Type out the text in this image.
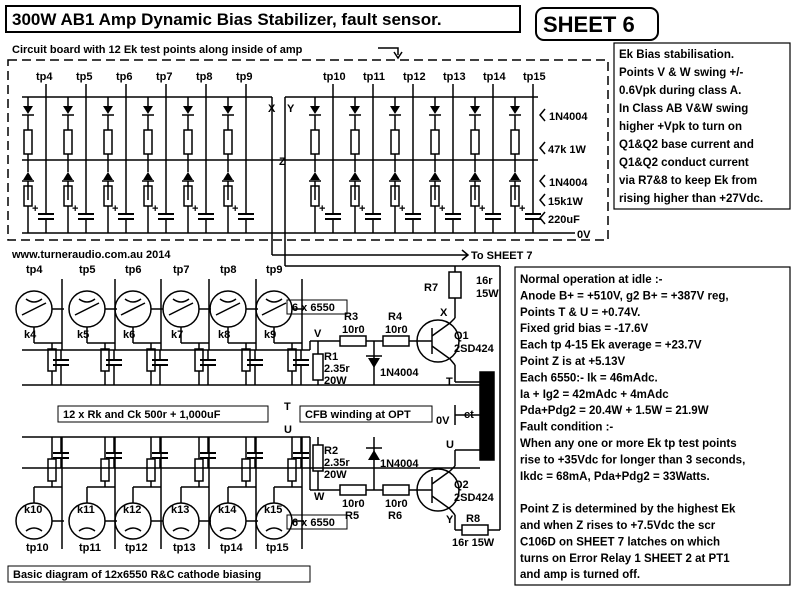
300W AB1 Amp Dynamic Bias Stabilizer, fault sensor.	SHEET 6
Circuit board with 12 Ek test points along inside of amp	Ek Bias stabilisation.
Points V & W swing +/-
0.6Vpk during class A.
In Class AB V&W swing
higher +Vpk to turn on
Q1&Q2 base current and
Q1&Q2 conduct current
via R7&8 to keep Ek from
rising higher than +27Vdc.
X Y
Z
0V
tp4
+
tp5
+
tp6
+
tp7
+
tp8
+
tp9
+
tp10
+
tp11
+
tp12
+
tp13
+
tp14
+
tp15
+
1N4004
47k 1W
1N4004
15k1W
220uF
www.turneraudio.com.au 2014	To SHEET 7
Normal operation at idle :-
Anode B+ = +510V, g2 B+ = +387V reg,
Points T & U = +0.74V.
Fixed grid bias = -17.6V
Each tp 4-15 Ek average = +23.7V
Point Z is at +5.13V
Each 6550:- Ik = 46mAdc.
Ia + Ig2 = 42mAdc + 4mAdc
Pda+Pdg2 = 20.4W + 1.5W = 21.9W
Fault condition :-
When any one or more Ek tp test points
rise to +35Vdc for longer than 3 seconds,
Ikdc = 68mA, Pda+Pdg2 = 33Watts.
Point Z is determined by the highest Ek
and when Z rises to +7.5Vdc the scr
C106D on SHEET 7 latches on which
turns on Error Relay 1 SHEET 2 at PT1
and amp is turned off.
tp4
k4
tp5
k5
tp6
k6
tp7
k7
tp8
k8
tp9
k9
tp10
k10
tp11
k11
tp12
k12
tp13
k13
tp14
k14
tp15
k15
6 x 6550
6 x 6550
12 x Rk and Ck 500r + 1,000uF	CFB winding at OPT
T
U
Basic diagram of 12x6550 R&C cathode biasing
16r
15W
R7
X
R3
10r0
R4
10r0	Q1
2SD424
V
R1
2.35r
20W
1N4004
T
ct
0V
U
R2
2.35r
20W
1N4004
Q2
2SD424
W
10r0
R5
10r0
R6	Y R8
16r 15W
